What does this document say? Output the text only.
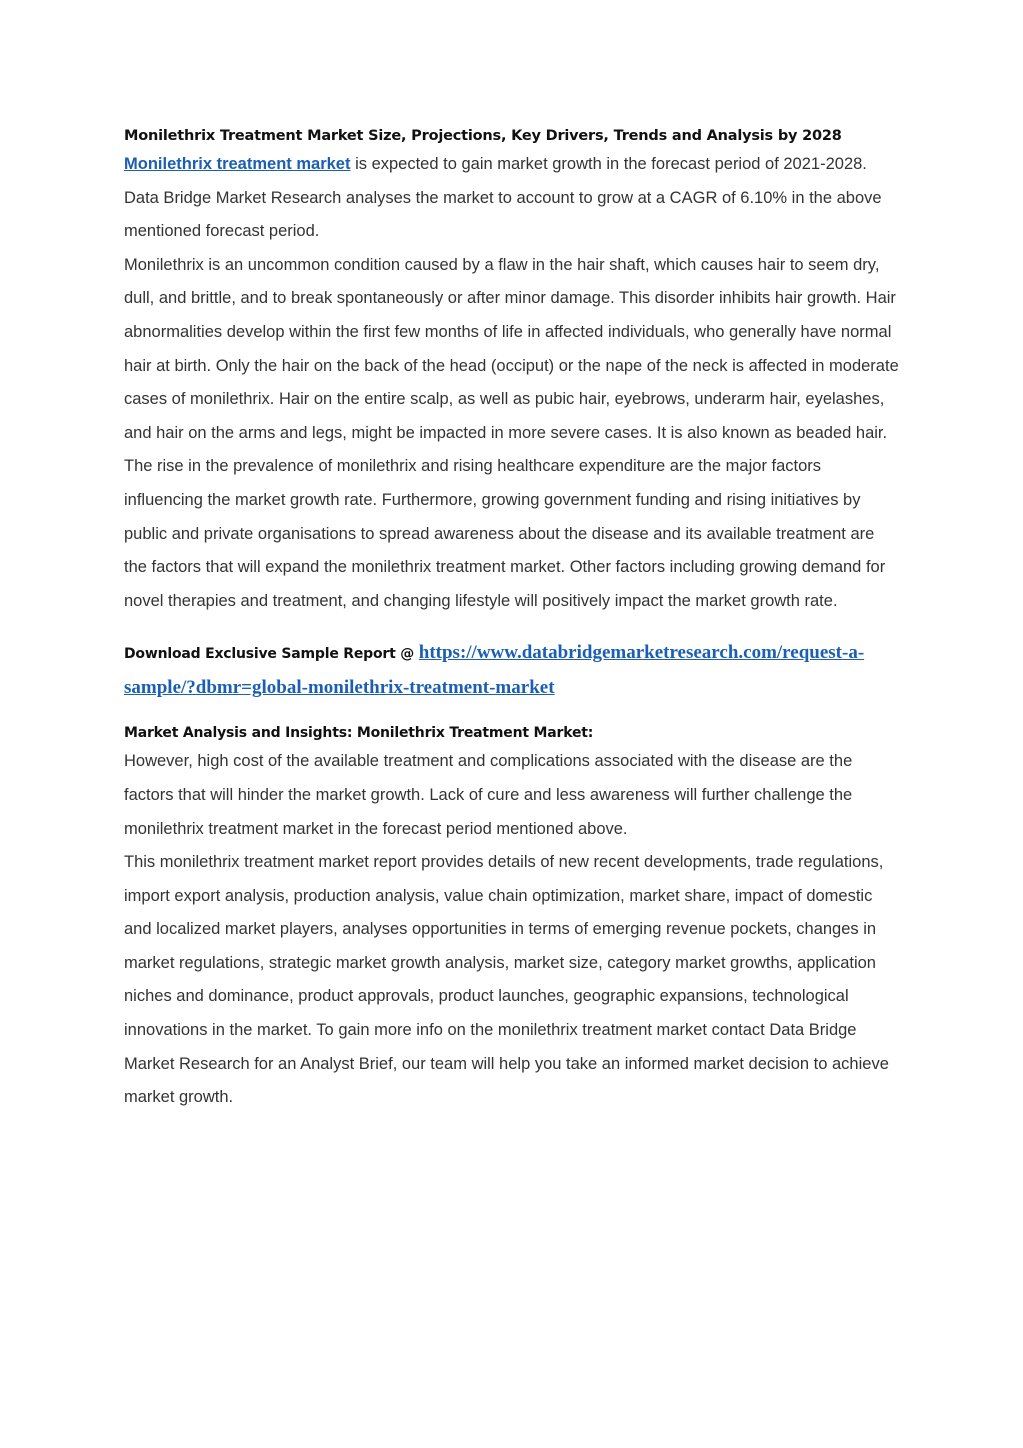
Monilethrix Treatment Market Size, Projections, Key Drivers, Trends and Analysis by 2028

Monilethrix treatment market is expected to gain market growth in the forecast period of 2021-2028. Data Bridge Market Research analyses the market to account to grow at a CAGR of 6.10% in the above mentioned forecast period.

Monilethrix is an uncommon condition caused by a flaw in the hair shaft, which causes hair to seem dry, dull, and brittle, and to break spontaneously or after minor damage. This disorder inhibits hair growth. Hair abnormalities develop within the first few months of life in affected individuals, who generally have normal hair at birth. Only the hair on the back of the head (occiput) or the nape of the neck is affected in moderate cases of monilethrix. Hair on the entire scalp, as well as pubic hair, eyebrows, underarm hair, eyelashes, and hair on the arms and legs, might be impacted in more severe cases. It is also known as beaded hair.

The rise in the prevalence of monilethrix and rising healthcare expenditure are the major factors influencing the market growth rate. Furthermore, growing government funding and rising initiatives by public and private organisations to spread awareness about the disease and its available treatment are the factors that will expand the monilethrix treatment market. Other factors including growing demand for novel therapies and treatment, and changing lifestyle will positively impact the market growth rate.

Download Exclusive Sample Report @ https://www.databridgemarketresearch.com/request-a-sample/?dbmr=global-monilethrix-treatment-market
Market Analysis and Insights: Monilethrix Treatment Market:

However, high cost of the available treatment and complications associated with the disease are the factors that will hinder the market growth. Lack of cure and less awareness will further challenge the monilethrix treatment market in the forecast period mentioned above.

This monilethrix treatment market report provides details of new recent developments, trade regulations, import export analysis, production analysis, value chain optimization, market share, impact of domestic and localized market players, analyses opportunities in terms of emerging revenue pockets, changes in market regulations, strategic market growth analysis, market size, category market growths, application niches and dominance, product approvals, product launches, geographic expansions, technological innovations in the market. To gain more info on the monilethrix treatment market contact Data Bridge Market Research for an Analyst Brief, our team will help you take an informed market decision to achieve market growth.
